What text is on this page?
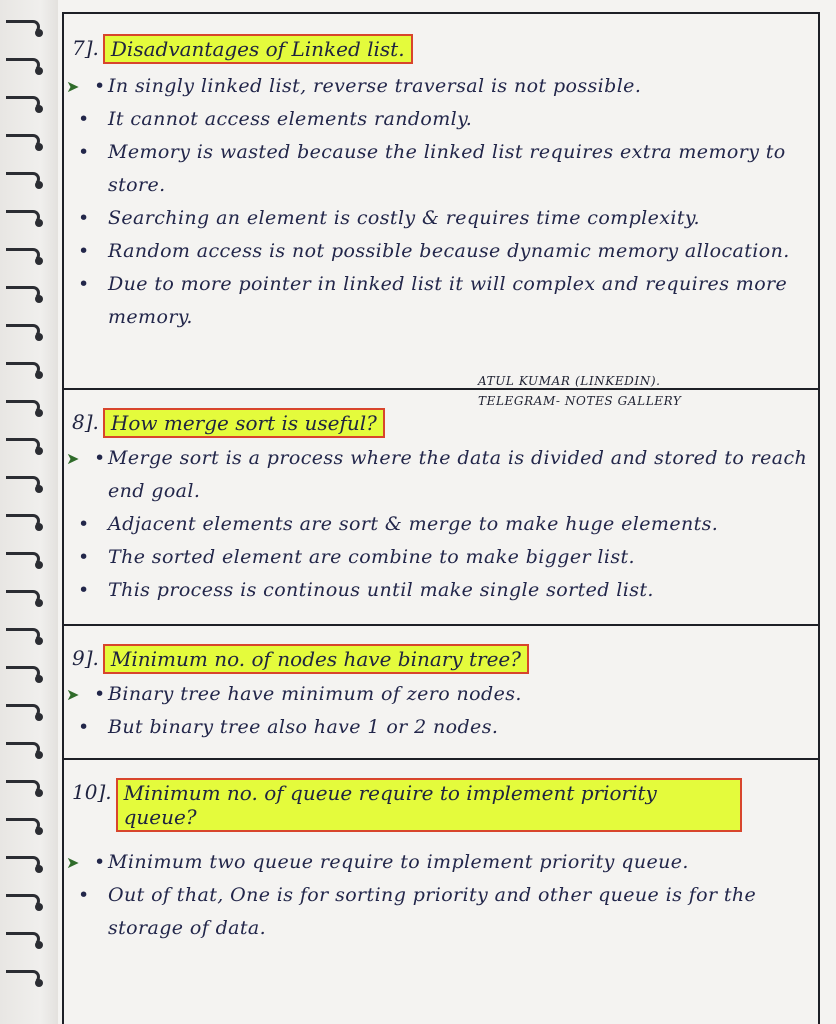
7]. Disadvantages of Linked list.
➤ • In singly linked list, reverse traversal is not possible.
• It cannot access elements randomly.
• Memory is wasted because the linked list requires extra memory to store.
• Searching an element is costly & requires time complexity.
• Random access is not possible because dynamic memory allocation.
• Due to more pointer in linked list it will complex and requires more memory.
ATUL KUMAR (LINKEDIN).
TELEGRAM- NOTES GALLERY
8]. How merge sort is useful?
➤ • Merge sort is a process where the data is divided and stored to reach end goal.
• Adjacent elements are sort & merge to make huge elements.
• The sorted element are combine to make bigger list.
• This process is continous until make single sorted list.
9]. Minimum no. of nodes have binary tree?
➤ • Binary tree have minimum of zero nodes.
• But binary tree also have 1 or 2 nodes.
10]. Minimum no. of queue require to implement priority queue?
➤ • Minimum two queue require to implement priority queue.
• Out of that, One is for sorting priority and other queue is for the storage of data.
